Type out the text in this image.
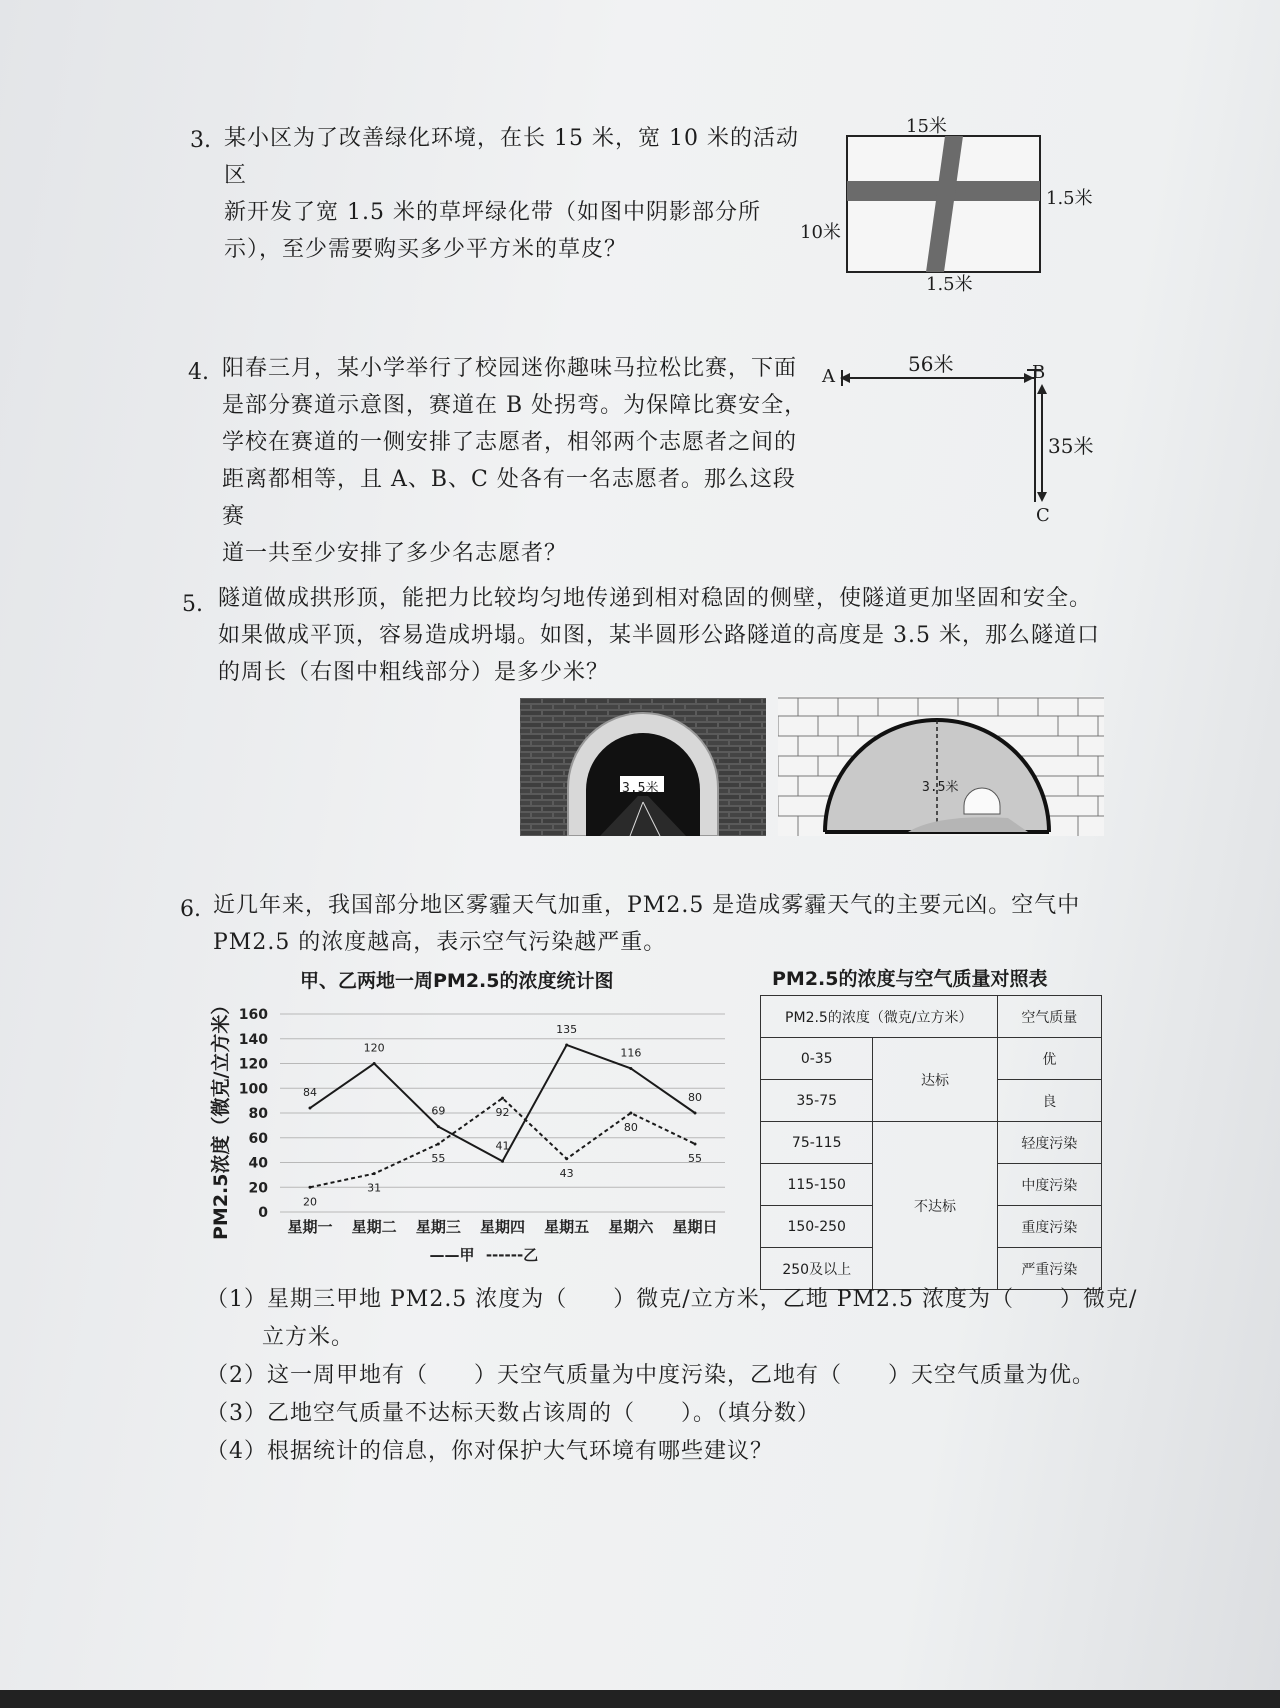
3. 某小区为了改善绿化环境，在长 15 米，宽 10 米的活动区
新开发了宽 1.5 米的草坪绿化带（如图中阴影部分所
示），至少需要购买多少平方米的草皮？
15米
10米
1.5米
1.5米
4. 阳春三月，某小学举行了校园迷你趣味马拉松比赛，下面
是部分赛道示意图，赛道在 B 处拐弯。为保障比赛安全，
学校在赛道的一侧安排了志愿者，相邻两个志愿者之间的
距离都相等，且 A、B、C 处各有一名志愿者。那么这段赛
道一共至少安排了多少名志愿者？
A	B
C
56米
35米
5. 隧道做成拱形顶，能把力比较均匀地传递到相对稳固的侧壁，使隧道更加坚固和安全。
如果做成平顶，容易造成坍塌。如图，某半圆形公路隧道的高度是 3.5 米，那么隧道口
的周长（右图中粗线部分）是多少米？
3.5米	3.5米
6. 近几年来，我国部分地区雾霾天气加重，PM2.5 是造成雾霾天气的主要元凶。空气中
PM2.5 的浓度越高，表示空气污染越严重。
甲、乙两地一周PM2.5的浓度统计图
PM2.5浓度（微克/立方米） 0
20
40
60
80
100
120
140
160
星期一 星期二 星期三 星期四 星期五 星期六 星期日
84
120
69
41
135
116
80
20
31
55
92
43
80
55
——甲 ------乙
PM2.5的浓度与空气质量对照表
PM2.5的浓度（微克/立方米）		空气质量
0-35	达标	优
35-75		良
75-115	不达标	轻度污染
115-150		中度污染
150-250		重度污染
250及以上		严重污染
（1）星期三甲地 PM2.5 浓度为（　　）微克/立方米，乙地 PM2.5 浓度为（　　）微克/
立方米。
（2）这一周甲地有（　　）天空气质量为中度污染，乙地有（　　）天空气质量为优。
（3）乙地空气质量不达标天数占该周的（　　）。（填分数）
（4）根据统计的信息，你对保护大气环境有哪些建议？
